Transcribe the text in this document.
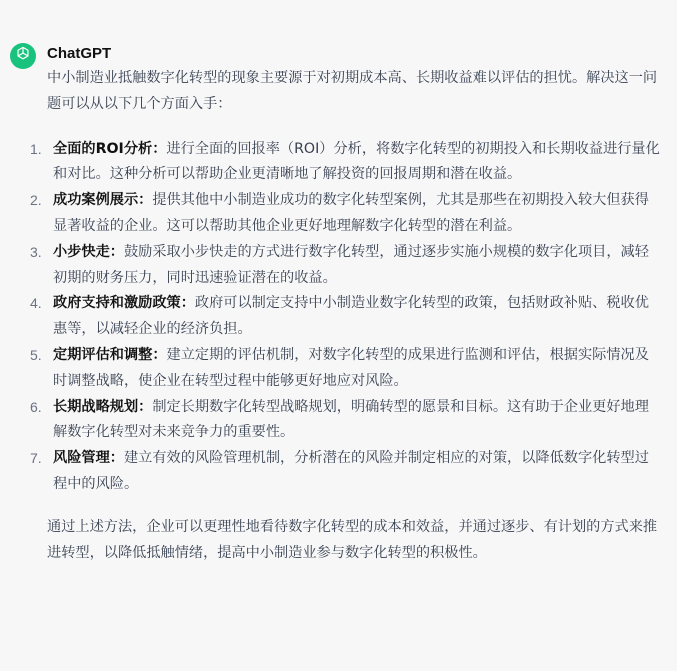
ChatGPT

中小制造业抵触数字化转型的现象主要源于对初期成本高、长期收益难以评估的担忧。解决这一问题可以从以下几个方面入手：

1. 全面的ROI分析：进行全面的回报率（ROI）分析，将数字化转型的初期投入和长期收益进行量化和对比。这种分析可以帮助企业更清晰地了解投资的回报周期和潜在收益。
2. 成功案例展示：提供其他中小制造业成功的数字化转型案例，尤其是那些在初期投入较大但获得显著收益的企业。这可以帮助其他企业更好地理解数字化转型的潜在利益。
3. 小步快走：鼓励采取小步快走的方式进行数字化转型，通过逐步实施小规模的数字化项目，减轻初期的财务压力，同时迅速验证潜在的收益。
4. 政府支持和激励政策：政府可以制定支持中小制造业数字化转型的政策，包括财政补贴、税收优惠等，以减轻企业的经济负担。
5. 定期评估和调整：建立定期的评估机制，对数字化转型的成果进行监测和评估，根据实际情况及时调整战略，使企业在转型过程中能够更好地应对风险。
6. 长期战略规划：制定长期数字化转型战略规划，明确转型的愿景和目标。这有助于企业更好地理解数字化转型对未来竞争力的重要性。
7. 风险管理：建立有效的风险管理机制，分析潜在的风险并制定相应的对策，以降低数字化转型过程中的风险。

通过上述方法，企业可以更理性地看待数字化转型的成本和效益，并通过逐步、有计划的方式来推进转型，以降低抵触情绪，提高中小制造业参与数字化转型的积极性。
